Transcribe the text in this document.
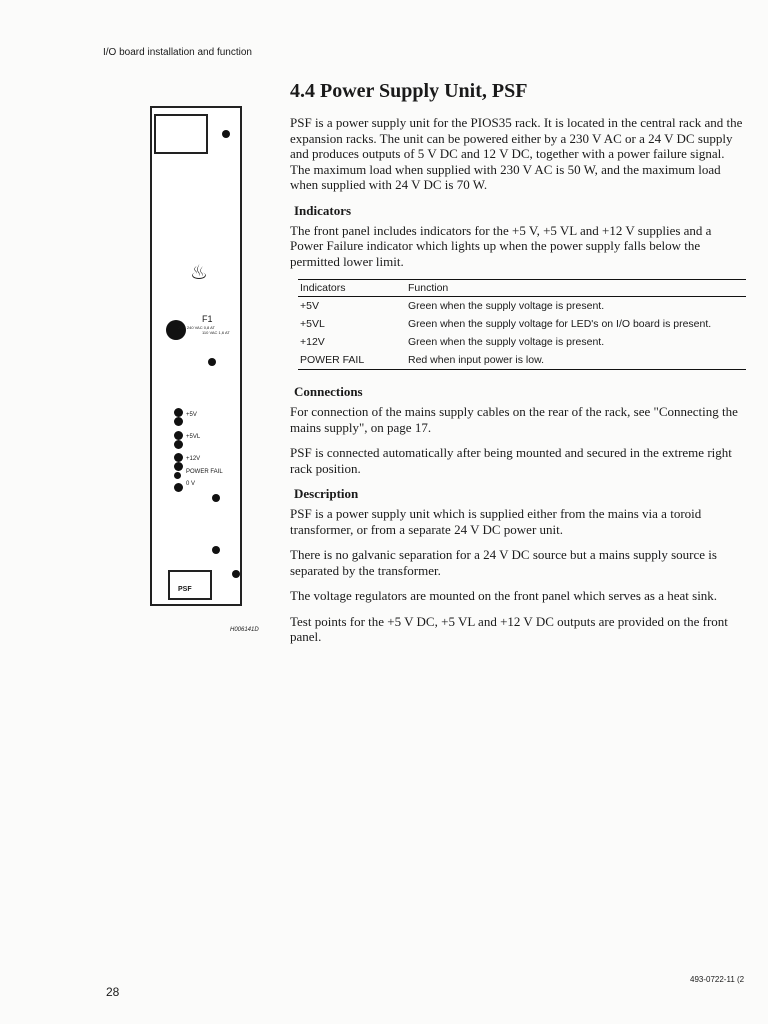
I/O board installation and function
♨
F1
220, 240 VAC 0,8 AT
110 VAC 1,6 AT
+5V
+5VL
+12V
POWER FAIL
0 V
PSF
H006141D
4.4 Power Supply Unit, PSF

PSF is a power supply unit for the PIOS35 rack. It is located in the central rack and the expansion racks. The unit can be powered either by a 230 V AC or a 24 V DC supply and produces outputs of 5 V DC and 12 V DC, together with a power failure signal. The maximum load when supplied with 230 V AC is 50 W, and the maximum load when supplied with 24 V DC is 70 W.

Indicators

The front panel includes indicators for the +5 V, +5 VL and +12 V supplies and a Power Failure indicator which lights up when the power supply falls below the permitted lower limit.

Indicators	Function
+5V	Green when the supply voltage is present.
+5VL	Green when the supply voltage for LED's on I/O board is present.
+12V	Green when the supply voltage is present.
POWER FAIL	Red when input power is low.
Connections

For connection of the mains supply cables on the rear of the rack, see "Connecting the mains supply", on page 17.

PSF is connected automatically after being mounted and secured in the extreme right rack position.

Description

PSF is a power supply unit which is supplied either from the mains via a toroid transformer, or from a separate 24 V DC power unit.

There is no galvanic separation for a 24 V DC source but a mains supply source is separated by the transformer.

The voltage regulators are mounted on the front panel which serves as a heat sink.

Test points for the +5 V DC, +5 VL and +12 V DC outputs are provided on the front panel.

493-0722-11 (2
28
